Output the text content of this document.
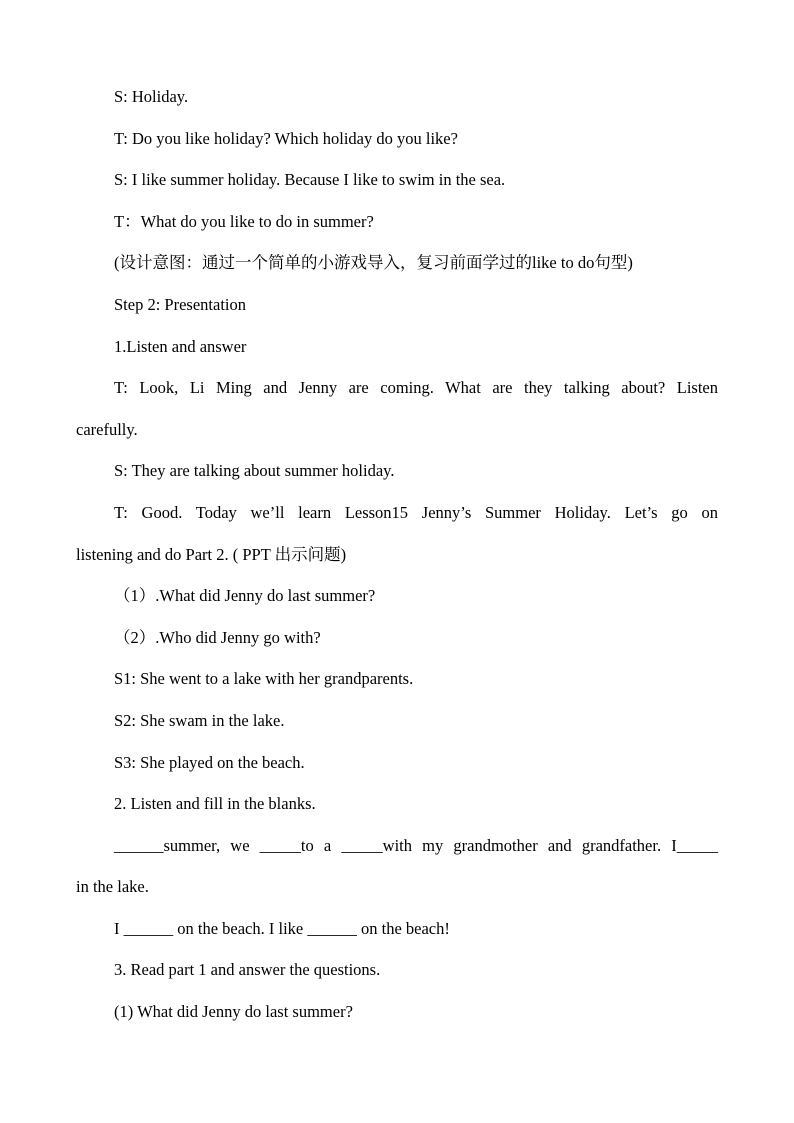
S: Holiday.
T: Do you like holiday? Which holiday do you like?
S: I like summer holiday. Because I like to swim in the sea.
T：What do you like to do in summer?
(设计意图：通过一个简单的小游戏导入，复习前面学过的like to do句型)
Step 2: Presentation
1.Listen and answer
T: Look, Li Ming and Jenny are coming. What are they talking about? Listen
carefully.
S: They are talking about summer holiday.
T: Good. Today we’ll learn Lesson15 Jenny’s Summer Holiday. Let’s go on
listening and do Part 2. ( PPT 出示问题)
（1）.What did Jenny do last summer?
（2）.Who did Jenny go with?
S1: She went to a lake with her grandparents.
S2: She swam in the lake.
S3: She played on the beach.
2. Listen and fill in the blanks.
______summer, we _____to a _____with my grandmother and grandfather. I_____
in the lake.
I ______ on the beach. I like ______ on the beach!
3. Read part 1 and answer the questions.
(1) What did Jenny do last summer?
